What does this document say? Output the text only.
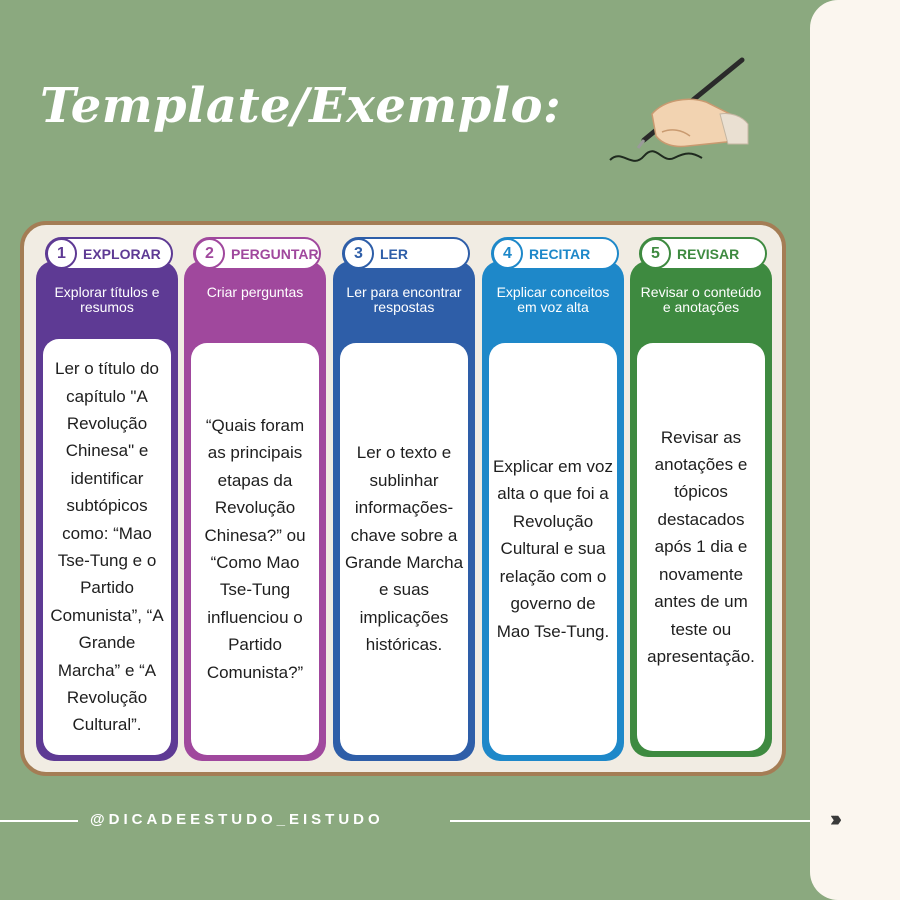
Template/Exemplo:
Explorar títulos e resumos

Ler o título do capítulo "A Revolução Chinesa" e identificar subtópicos como: “Mao Tse-Tung e o Partido Comunista”, “A Grande Marcha” e “A Revolução Cultural”.

1	EXPLORAR
Criar perguntas

“Quais foram as principais etapas da Revolução Chinesa?” ou “Como Mao Tse-Tung influenciou o Partido Comunista?”

2	PERGUNTAR
Ler para encontrar respostas

Ler o texto e sublinhar informações-chave sobre a Grande Marcha e suas implicações históricas.

3	LER
Explicar conceitos em voz alta

Explicar em voz alta o que foi a Revolução Cultural e sua relação com o governo de Mao Tse-Tung.

4	RECITAR
Revisar o conteúdo e anotações

Revisar as anotações e tópicos destacados após 1 dia e novamente antes de um teste ou apresentação.

5	REVISAR
@DICADEESTUDO_EISTUDO	›››
